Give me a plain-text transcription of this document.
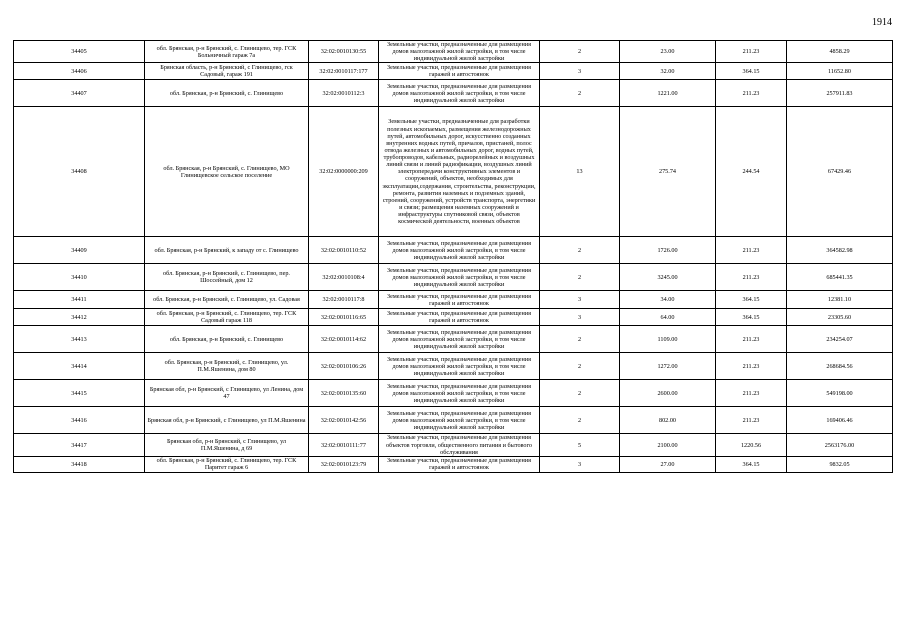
1914
34405	обл. Брянская, р-н Брянский, с. Глинищево, тер. ГСК Больничный гараж 7а	32:02:0010130:55	Земельные участки, предназначенные для размещения домов малоэтажной жилой застройки, в том числе индивидуальной жилой застройки	2	23.00	211.23	4858.29
34406	Брянская область, р-н Брянский, с Глинищево, гск Садовый, гараж 191	32:02:0010117:177	Земельные участки, предназначенные для размещения гаражей и автостоянок	3	32.00	364.15	11652.80
34407	обл. Брянская, р-н Брянский, с. Глинищево	32:02:0010112:3	Земельные участки, предназначенные для размещения домов малоэтажной жилой застройки, в том числе индивидуальной жилой застройки	2	1221.00	211.23	257911.83
34408	обл. Брянская, р-н Брянский, с. Глинищево, МО Глинищевское сельское поселение	32:02:0000000:209	Земельные участки, предназначенные для разработки полезных ископаемых, размещения железнодорожных путей, автомобильных дорог, искусственно созданных внутренних водных путей, причалов, пристаней, полос отвода железных и автомобильных дорог, водных путей, трубопроводов, кабельных, радиорелейных и воздушных линий связи и линий радиофикации, воздушных линий электропередачи конструктивных элементов и сооружений, объектов, необходимых для эксплуатации,содержания, строительства, реконструкции, ремонта, развития наземных и подземных зданий, строений, сооружений, устройств транспорта, энергетики и связи; размещения наземных сооружений и инфраструктуры спутниковой связи, объектов космической деятельности, военных объектов	13	275.74	244.54	67429.46
34409	обл. Брянская, р-н Брянский, к западу от с. Глинищево	32:02:0010110:52	Земельные участки, предназначенные для размещения домов малоэтажной жилой застройки, в том числе индивидуальной жилой застройки	2	1726.00	211.23	364582.98
34410	обл. Брянская, р-н Брянский, с. Глинищево, пер. Шоссейный, дом 12	32:02:0010108:4	Земельные участки, предназначенные для размещения домов малоэтажной жилой застройки, в том числе индивидуальной жилой застройки	2	3245.00	211.23	685441.35
34411	обл. Брянская, р-н Брянский, с. Глинищево, ул. Садовая	32:02:0010117:8	Земельные участки, предназначенные для размещения гаражей и автостоянок	3	34.00	364.15	12381.10
34412	обл. Брянская, р-н Брянский, с. Глинищево, тер. ГСК Садовый гараж 118	32:02:0010116:65	Земельные участки, предназначенные для размещения гаражей и автостоянок	3	64.00	364.15	23305.60
34413	обл. Брянская, р-н Брянский, с. Глинищево	32:02:0010114:62	Земельные участки, предназначенные для размещения домов малоэтажной жилой застройки, в том числе индивидуальной жилой застройки	2	1109.00	211.23	234254.07
34414	обл. Брянская, р-н Брянский, с. Глинищево, ул. П.М.Яшенина, дом 80	32:02:0010106:26	Земельные участки, предназначенные для размещения домов малоэтажной жилой застройки, в том числе индивидуальной жилой застройки	2	1272.00	211.23	268684.56
34415	Брянская обл, р-н Брянский, с Глинищево, ул Ленина, дом 47	32:02:0010135:60	Земельные участки, предназначенные для размещения домов малоэтажной жилой застройки, в том числе индивидуальной жилой застройки	2	2600.00	211.23	549198.00
34416	Брянская обл, р-н Брянский, с Глинищево, ул П.М.Яшенина	32:02:0010142:56	Земельные участки, предназначенные для размещения домов малоэтажной жилой застройки, в том числе индивидуальной жилой застройки	2	802.00	211.23	169406.46
34417	Брянская обл, р-н Брянский, с Глинищево, ул П.М.Яшенина, д 69	32:02:0010111:77	Земельные участки, предназначенные для размещения объектов торговли, общественного питания и бытового обслуживания	5	2100.00	1220.56	2563176.00
34418	обл. Брянская, р-н Брянский, с. Глинищево, тер. ГСК Паритет гараж 6	32:02:0010123:79	Земельные участки, предназначенные для размещения гаражей и автостоянок	3	27.00	364.15	9832.05
